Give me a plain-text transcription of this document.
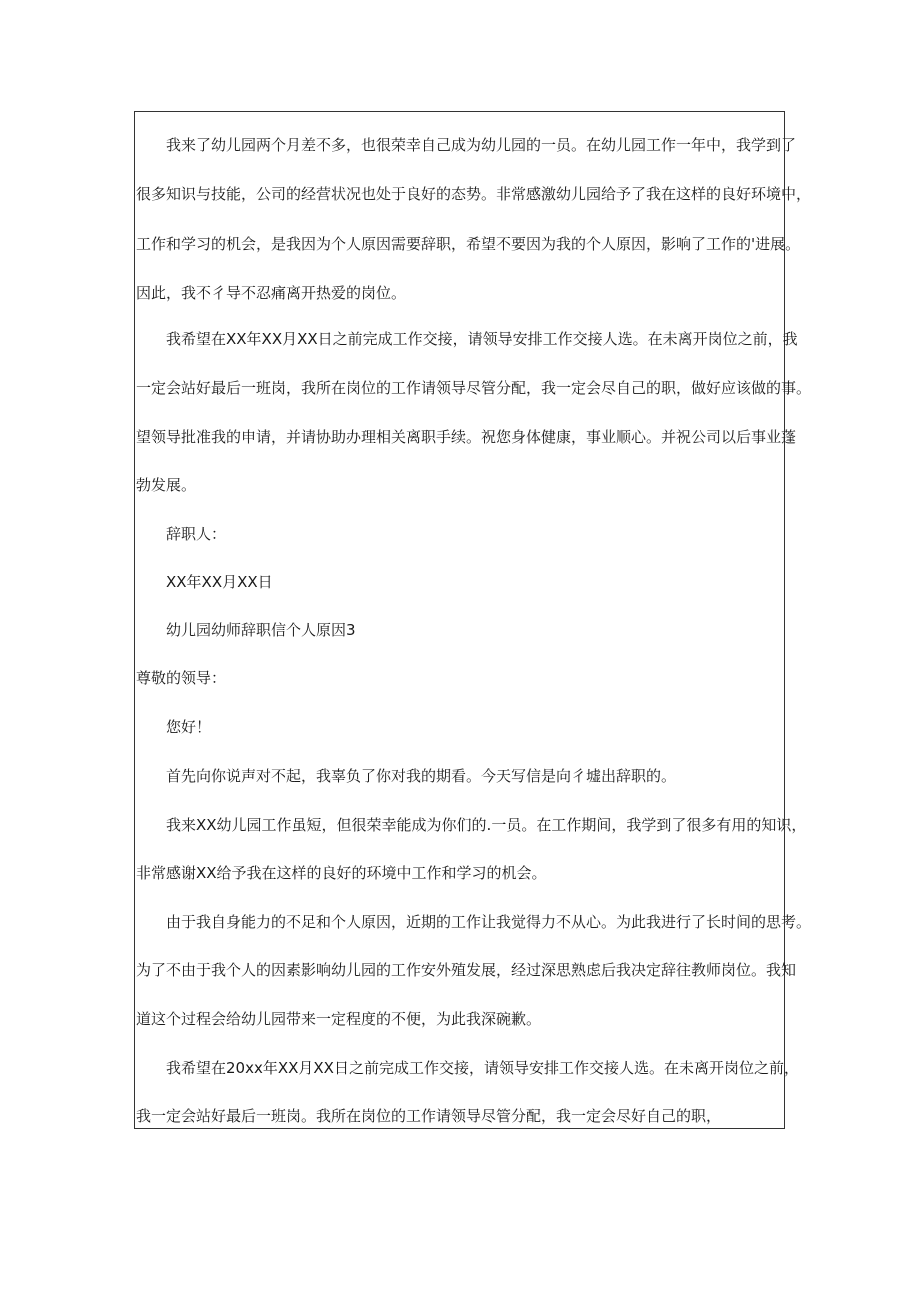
我来了幼儿园两个月差不多，也很荣幸自己成为幼儿园的一员。在幼儿园工作一年中，我学到了
很多知识与技能，公司的经营状况也处于良好的态势。非常感激幼儿园给予了我在这样的良好环境中，
工作和学习的机会，是我因为个人原因需要辞职，希望不要因为我的个人原因，影响了工作的'进展。
因此，我不彳导不忍痛离开热爱的岗位。
我希望在XX年XX月XX日之前完成工作交接，请领导安排工作交接人选。在未离开岗位之前，我
一定会站好最后一班岗，我所在岗位的工作请领导尽管分配，我一定会尽自己的职，做好应该做的事。
望领导批准我的申请，并请协助办理相关离职手续。祝您身体健康，事业顺心。并祝公司以后事业蓬
勃发展。
辞职人：
XX年XX月XX日
幼儿园幼师辞职信个人原因3
尊敬的领导：
您好！
首先向你说声对不起，我辜负了你对我的期看。今天写信是向彳墟出辞职的。
我来XX幼儿园工作虽短，但很荣幸能成为你们的.一员。在工作期间，我学到了很多有用的知识，
非常感谢XX给予我在这样的良好的环境中工作和学习的机会。
由于我自身能力的不足和个人原因，近期的工作让我觉得力不从心。为此我进行了长时间的思考。
为了不由于我个人的因素影响幼儿园的工作安外殖发展，经过深思熟虑后我决定辞往教师岗位。我知
道这个过程会给幼儿园带来一定程度的不便，为此我深碗歉。
我希望在20xx年XX月XX日之前完成工作交接，请领导安排工作交接人选。在未离开岗位之前，
我一定会站好最后一班岗。我所在岗位的工作请领导尽管分配，我一定会尽好自己的职，
